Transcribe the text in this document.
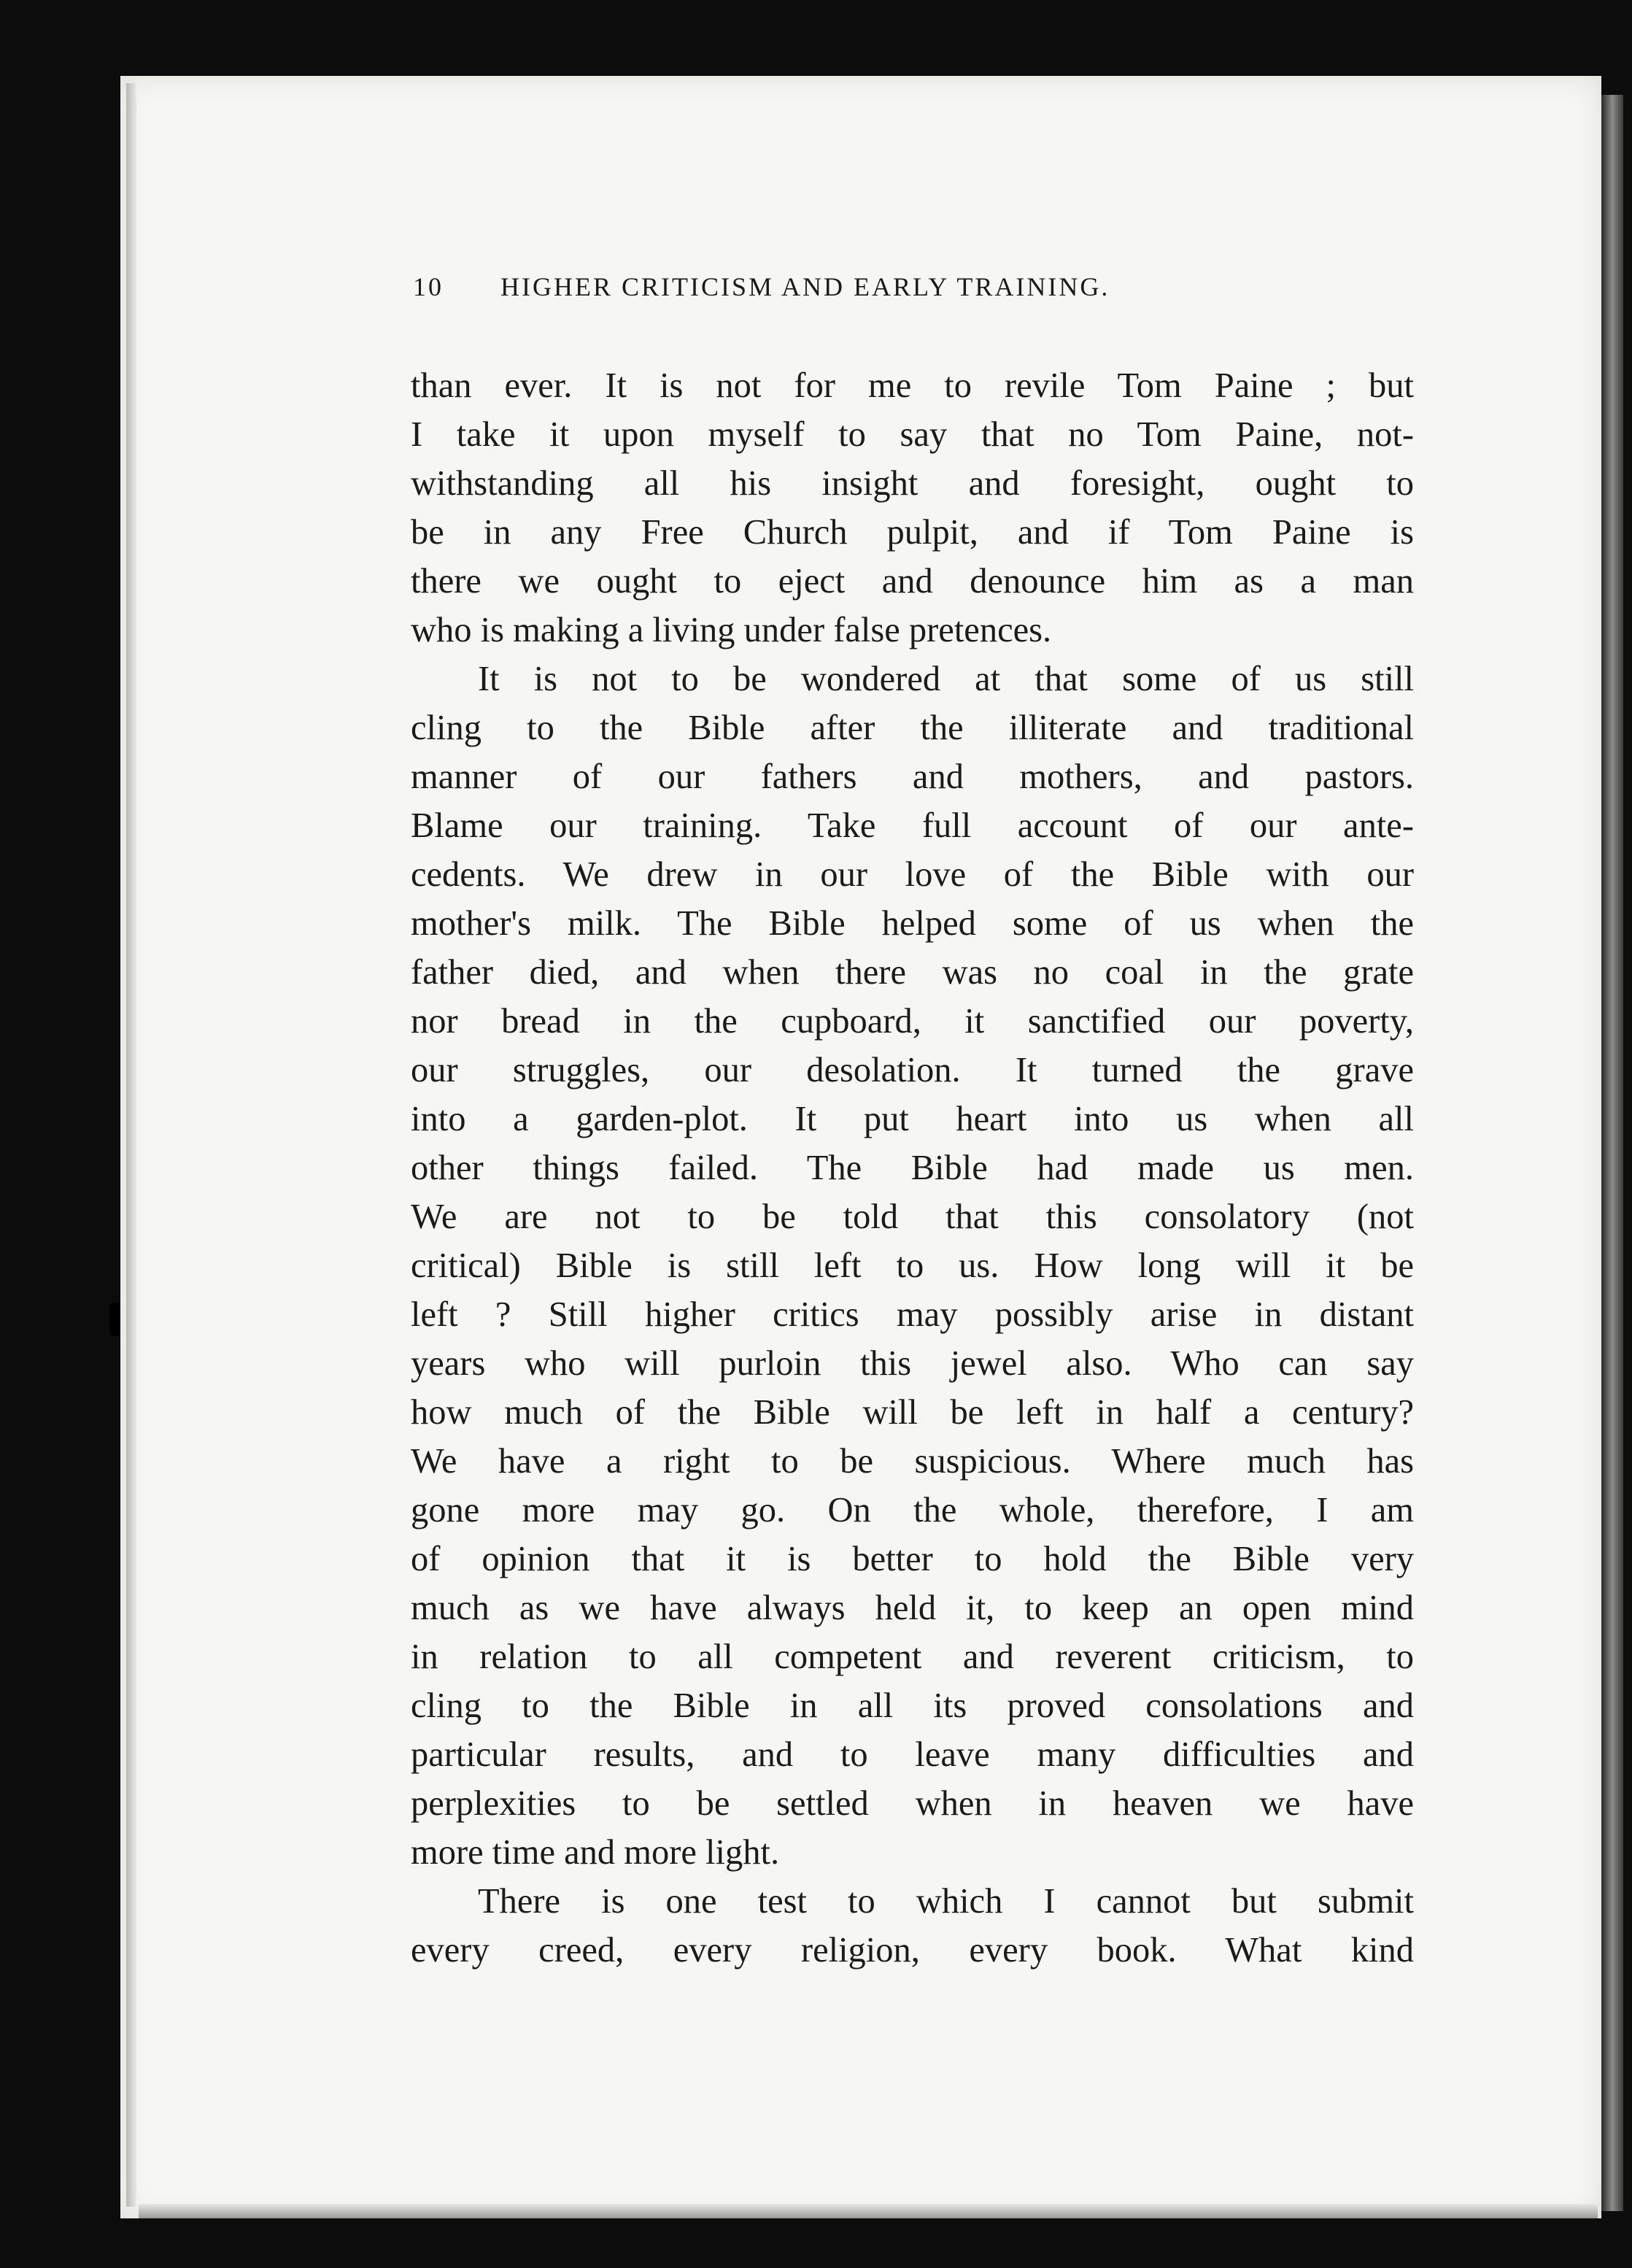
10 HIGHER CRITICISM AND EARLY TRAINING.
than ever. It is not for me to revile Tom Paine ; but
I take it upon myself to say that no Tom Paine, not-
withstanding all his insight and foresight, ought to
be in any Free Church pulpit, and if Tom Paine is
there we ought to eject and denounce him as a man
who is making a living under false pretences.
It is not to be wondered at that some of us still
cling to the Bible after the illiterate and traditional
manner of our fathers and mothers, and pastors.
Blame our training. Take full account of our ante-
cedents. We drew in our love of the Bible with our
mother's milk. The Bible helped some of us when the
father died, and when there was no coal in the grate
nor bread in the cupboard, it sanctified our poverty,
our struggles, our desolation. It turned the grave
into a garden-plot. It put heart into us when all
other things failed. The Bible had made us men.
We are not to be told that this consolatory (not
critical) Bible is still left to us. How long will it be
left ? Still higher critics may possibly arise in distant
years who will purloin this jewel also. Who can say
how much of the Bible will be left in half a century?
We have a right to be suspicious. Where much has
gone more may go. On the whole, therefore, I am
of opinion that it is better to hold the Bible very
much as we have always held it, to keep an open mind
in relation to all competent and reverent criticism, to
cling to the Bible in all its proved consolations and
particular results, and to leave many difficulties and
perplexities to be settled when in heaven we have
more time and more light.
There is one test to which I cannot but submit
every creed, every religion, every book. What kind
